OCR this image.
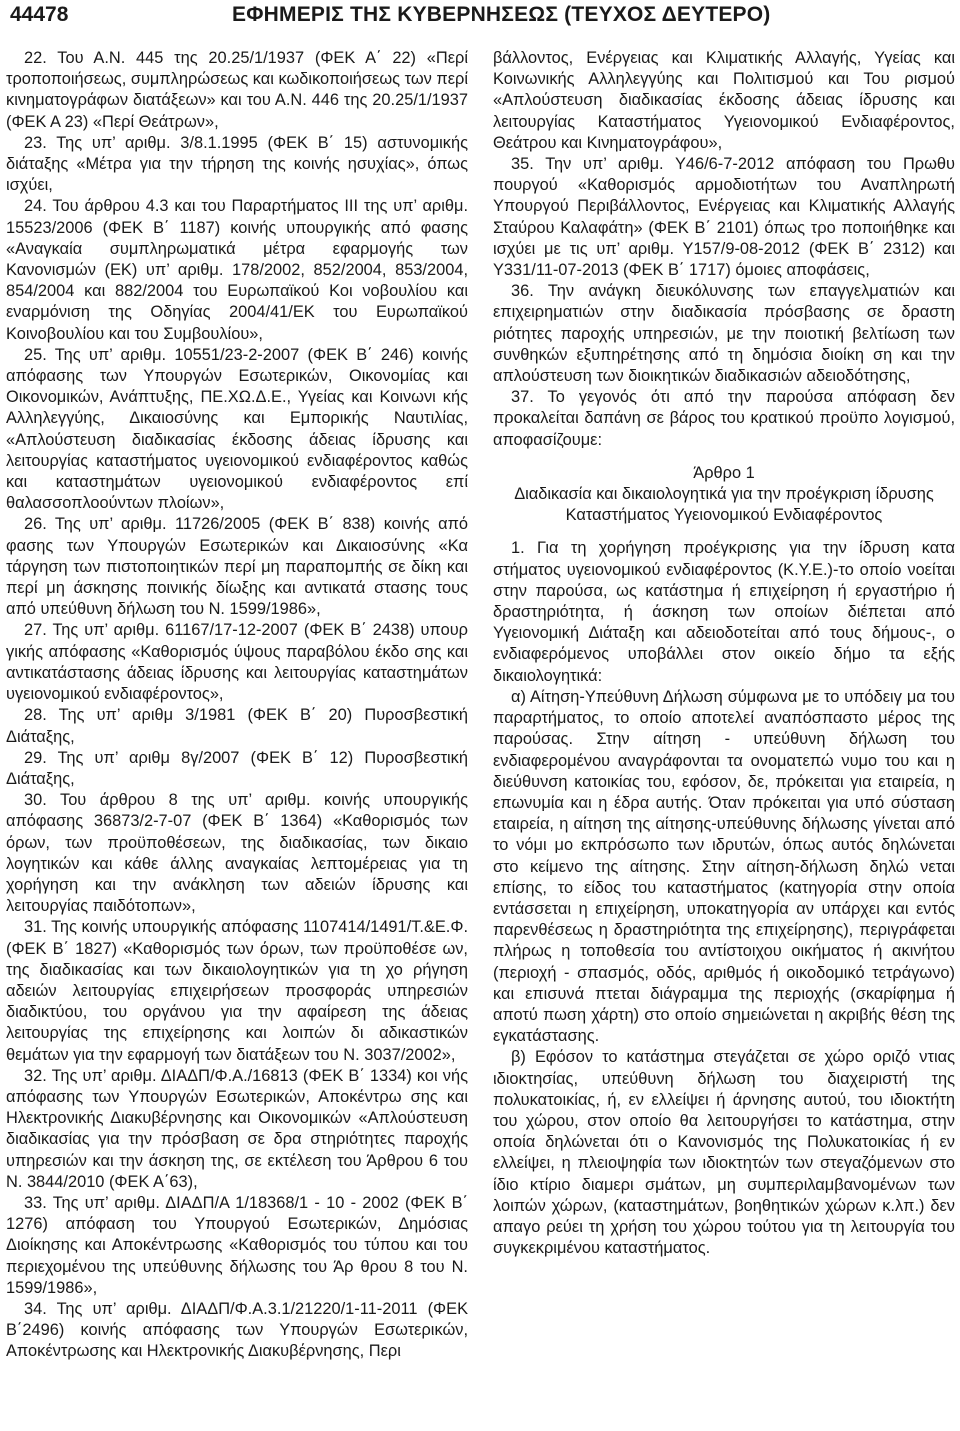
44478	ΕΦΗΜΕΡΙΣ ΤΗΣ ΚΥΒΕΡΝΗΣΕΩΣ (ΤΕΥΧΟΣ ΔΕΥΤΕΡΟ)

22. Του Α.Ν. 445 της 20.25/1/1937 (ΦΕΚ Α΄ 22) «Περί τροποποιήσεως, συμπληρώσεως και κωδικοποιήσεως των περί κινηματογράφων διατάξεων» και του Α.Ν. 446 της 20.25/1/1937 (ΦΕΚ Α 23) «Περί Θεάτρων»,

23. Της υπ’ αριθμ. 3/8.1.1995 (ΦΕΚ Β΄ 15) αστυνομικής διάταξης «Μέτρα για την τήρηση της κοινής ησυχίας», όπως ισχύει,

24. Του άρθρου 4.3 και του Παραρτήματος ΙΙΙ της υπ’ αριθμ. 15523/2006 (ΦΕΚ Β΄ 1187) κοινής υπουργικής από φασης «Αναγκαία συμπληρωματικά μέτρα εφαρμογής των Κανονισμών (ΕΚ) υπ’ αριθμ. 178/2002, 852/2004, 853/2004, 854/2004 και 882/2004 του Ευρωπαϊκού Κοι νοβουλίου και εναρμόνιση της Οδηγίας 2004/41/ΕΚ του Ευρωπαϊκού Κοινοβουλίου και του Συμβουλίου»,

25. Της υπ’ αριθμ. 10551/23-2-2007 (ΦΕΚ Β΄ 246) κοινής απόφασης των Υπουργών Εσωτερικών, Οικονομίας και Οικονομικών, Ανάπτυξης, ΠΕ.ΧΩ.Δ.Ε., Υγείας και Κοινωνι κής Αλληλεγγύης, Δικαιοσύνης και Εμπορικής Ναυτιλίας, «Απλούστευση διαδικασίας έκδοσης άδειας ίδρυσης και λειτουργίας καταστήματος υγειονομικού ενδιαφέροντος καθώς και καταστημάτων υγειονομικού ενδιαφέροντος επί θαλασσοπλοούντων πλοίων»,

26. Της υπ’ αριθμ. 11726/2005 (ΦΕΚ Β΄ 838) κοινής από φασης των Υπουργών Εσωτερικών και Δικαιοσύνης «Κα τάργηση των πιστοποιητικών περί μη παραπομπής σε δίκη και περί μη άσκησης ποινικής δίωξης και αντικατά στασης τους από υπεύθυνη δήλωση του Ν. 1599/1986»,

27. Της υπ’ αριθμ. 61167/17-12-2007 (ΦΕΚ Β΄ 2438) υπουρ γικής απόφασης «Καθορισμός ύψους παραβόλου έκδο σης και αντικατάστασης άδειας ίδρυσης και λειτουργίας καταστημάτων υγειονομικού ενδιαφέροντος»,

28. Της υπ’ αριθμ 3/1981 (ΦΕΚ Β΄ 20) Πυροσβεστική Διάταξης,

29. Της υπ’ αριθμ 8γ/2007 (ΦΕΚ Β΄ 12) Πυροσβεστική Διάταξης,

30. Του άρθρου 8 της υπ’ αριθμ. κοινής υπουργικής απόφασης 36873/2-7-07 (ΦΕΚ Β΄ 1364) «Καθορισμός των όρων, των προϋποθέσεων, της διαδικασίας, των δικαιο λογητικών και κάθε άλλης αναγκαίας λεπτομέρειας για τη χορήγηση και την ανάκληση των αδειών ίδρυσης και λειτουργίας παιδότοπων»,

31. Της κοινής υπουργικής απόφασης 1107414/1491/Τ.&Ε.Φ. (ΦΕΚ Β΄ 1827) «Καθορισμός των όρων, των προϋποθέσε ων, της διαδικασίας και των δικαιολογητικών για τη χο ρήγηση αδειών λειτουργίας επιχειρήσεων προσφοράς υπηρεσιών διαδικτύου, του οργάνου για την αφαίρεση της άδειας λειτουργίας της επιχείρησης και λοιπών δι αδικαστικών θεμάτων για την εφαρμογή των διατάξεων του Ν. 3037/2002»,

32. Της υπ’ αριθμ. ΔΙΑΔΠ/Φ.Α./16813 (ΦΕΚ Β΄ 1334) κοι νής απόφασης των Υπουργών Εσωτερικών, Αποκέντρω σης και Ηλεκτρονικής Διακυβέρνησης και Οικονομικών «Απλούστευση διαδικασίας για την πρόσβαση σε δρα στηριότητες παροχής υπηρεσιών και την άσκηση της, σε εκτέλεση του Άρθρου 6 του Ν. 3844/2010 (ΦΕΚ Α΄63),

33. Της υπ’ αριθμ. ΔΙΑΔΠ/Α 1/18368/1 - 10 - 2002 (ΦΕΚ Β΄ 1276) απόφαση του Υπουργού Εσωτερικών, Δημόσιας Διοίκησης και Αποκέντρωσης «Καθορισμός του τύπου και του περιεχομένου της υπεύθυνης δήλωσης του Άρ θρου 8 του Ν. 1599/1986»,

34. Της υπ’ αριθμ. ΔΙΑΔΠ/Φ.Α.3.1/21220/1-11-2011 (ΦΕΚ Β΄2496) κοινής απόφασης των Υπουργών Εσωτερικών, Αποκέντρωσης και Ηλεκτρονικής Διακυβέρνησης, Περι

βάλλοντος, Ενέργειας και Κλιματικής Αλλαγής, Υγείας και Κοινωνικής Αλληλεγγύης και Πολιτισμού και Του ρισμού «Απλούστευση διαδικασίας έκδοσης άδειας ίδρυσης και λειτουργίας Καταστήματος Υγειονομικού Ενδιαφέροντος, Θεάτρου και Κινηματογράφου»,

35. Την υπ’ αριθμ. Υ46/6-7-2012 απόφαση του Πρωθυ πουργού «Καθορισμός αρμοδιοτήτων του Αναπληρωτή Υπουργού Περιβάλλοντος, Ενέργειας και Κλιματικής Αλλαγής Σταύρου Καλαφάτη» (ΦΕΚ Β΄ 2101) όπως τρο ποποιήθηκε και ισχύει με τις υπ’ αριθμ. Υ157/9-08-2012 (ΦΕΚ Β΄ 2312) και Υ331/11-07-2013 (ΦΕΚ Β΄ 1717) όμοιες αποφάσεις,

36. Την ανάγκη διευκόλυνσης των επαγγελματιών και επιχειρηματιών στην διαδικασία πρόσβασης σε δραστη ριότητες παροχής υπηρεσιών, με την ποιοτική βελτίωση των συνθηκών εξυπηρέτησης από τη δημόσια διοίκη ση και την απλούστευση των διοικητικών διαδικασιών αδειοδότησης,

37. Το γεγονός ότι από την παρούσα απόφαση δεν προκαλείται δαπάνη σε βάρος του κρατικού προϋπο λογισμού, αποφασίζουμε:

Άρθρο 1

Διαδικασία και δικαιολογητικά για την προέγκριση ίδρυσης Καταστήματος Υγειονομικού Ενδιαφέροντος

1. Για τη χορήγηση προέγκρισης για την ίδρυση κατα στήματος υγειονομικού ενδιαφέροντος (Κ.Υ.Ε.)-το οποίο νοείται στην παρούσα, ως κατάστημα ή επιχείρηση ή εργαστήριο ή δραστηριότητα, ή άσκηση των οποίων διέπεται από Υγειονομική Διάταξη και αδειοδοτείται από τους δήμους-, ο ενδιαφερόμενος υποβάλλει στον οικείο δήμο τα εξής δικαιολογητικά:

α) Αίτηση-Υπεύθυνη Δήλωση σύμφωνα με το υπόδειγ μα του παραρτήματος, το οποίο αποτελεί αναπόσπαστο μέρος της παρούσας. Στην αίτηση - υπεύθυνη δήλωση του ενδιαφερομένου αναγράφονται τα ονοματεπώ νυμο του και η διεύθυνση κατοικίας του, εφόσον, δε, πρόκειται για εταιρεία, η επωνυμία και η έδρα αυτής. Όταν πρόκειται για υπό σύσταση εταιρεία, η αίτηση της αίτησης-υπεύθυνης δήλωσης γίνεται από το νόμι μο εκπρόσωπο των ιδρυτών, όπως αυτός δηλώνεται στο κείμενο της αίτησης. Στην αίτηση-δήλωση δηλώ νεται επίσης, το είδος του καταστήματος (κατηγορία στην οποία εντάσσεται η επιχείρηση, υποκατηγορία αν υπάρχει και εντός παρενθέσεως η δραστηριότητα της επιχείρησης), περιγράφεται πλήρως η τοποθεσία του αντίστοιχου οικήματος ή ακινήτου (περιοχή - σπασμός, οδός, αριθμός ή οικοδομικό τετράγωνο) και επισυνά πτεται διάγραμμα της περιοχής (σκαρίφημα ή αποτύ πωση χάρτη) στο οποίο σημειώνεται η ακριβής θέση της εγκατάστασης.

β) Εφόσον το κατάστημα στεγάζεται σε χώρο οριζό ντιας ιδιοκτησίας, υπεύθυνη δήλωση του διαχειριστή της πολυκατοικίας, ή, εν ελλείψει ή άρνησης αυτού, του ιδιοκτήτη του χώρου, στον οποίο θα λειτουργήσει το κατάστημα, στην οποία δηλώνεται ότι ο Κανονισμός της Πολυκατοικίας ή εν ελλείψει, η πλειοψηφία των ιδιοκτητών των στεγαζόμενων στο ίδιο κτίριο διαμερι σμάτων, μη συμπεριλαμβανομένων των λοιπών χώρων, (καταστημάτων, βοηθητικών χώρων κ.λπ.) δεν απαγο ρεύει τη χρήση του χώρου τούτου για τη λειτουργία του συγκεκριμένου καταστήματος.
